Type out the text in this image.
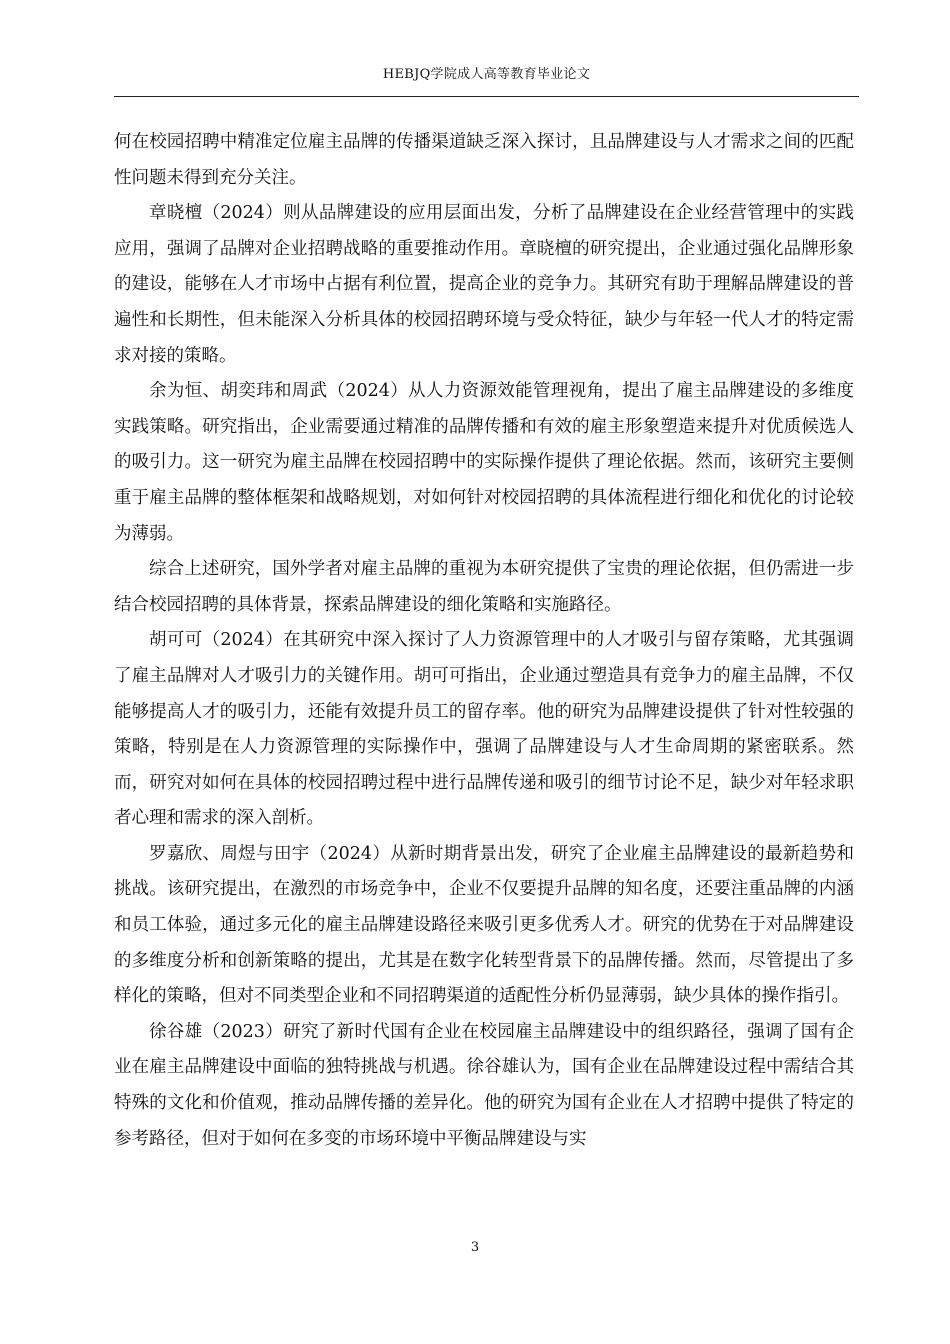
HEBJQ学院成人高等教育毕业论文

何在校园招聘中精准定位雇主品牌的传播渠道缺乏深入探讨，且品牌建设与人才需求之间的匹配性问题未得到充分关注。

章晓檀（2024）则从品牌建设的应用层面出发，分析了品牌建设在企业经营管理中的实践应用，强调了品牌对企业招聘战略的重要推动作用。章晓檀的研究提出，企业通过强化品牌形象的建设，能够在人才市场中占据有利位置，提高企业的竞争力。其研究有助于理解品牌建设的普遍性和长期性，但未能深入分析具体的校园招聘环境与受众特征，缺少与年轻一代人才的特定需求对接的策略。

余为恒、胡奕玮和周武（2024）从人力资源效能管理视角，提出了雇主品牌建设的多维度实践策略。研究指出，企业需要通过精准的品牌传播和有效的雇主形象塑造来提升对优质候选人的吸引力。这一研究为雇主品牌在校园招聘中的实际操作提供了理论依据。然而，该研究主要侧重于雇主品牌的整体框架和战略规划，对如何针对校园招聘的具体流程进行细化和优化的讨论较为薄弱。

综合上述研究，国外学者对雇主品牌的重视为本研究提供了宝贵的理论依据，但仍需进一步结合校园招聘的具体背景，探索品牌建设的细化策略和实施路径。

胡可可（2024）在其研究中深入探讨了人力资源管理中的人才吸引与留存策略，尤其强调了雇主品牌对人才吸引力的关键作用。胡可可指出，企业通过塑造具有竞争力的雇主品牌，不仅能够提高人才的吸引力，还能有效提升员工的留存率。他的研究为品牌建设提供了针对性较强的策略，特别是在人力资源管理的实际操作中，强调了品牌建设与人才生命周期的紧密联系。然而，研究对如何在具体的校园招聘过程中进行品牌传递和吸引的细节讨论不足，缺少对年轻求职者心理和需求的深入剖析。

罗嘉欣、周煜与田宇（2024）从新时期背景出发，研究了企业雇主品牌建设的最新趋势和挑战。该研究提出，在激烈的市场竞争中，企业不仅要提升品牌的知名度，还要注重品牌的内涵和员工体验，通过多元化的雇主品牌建设路径来吸引更多优秀人才。研究的优势在于对品牌建设的多维度分析和创新策略的提出，尤其是在数字化转型背景下的品牌传播。然而，尽管提出了多样化的策略，但对不同类型企业和不同招聘渠道的适配性分析仍显薄弱，缺少具体的操作指引。

徐谷雄（2023）研究了新时代国有企业在校园雇主品牌建设中的组织路径，强调了国有企业在雇主品牌建设中面临的独特挑战与机遇。徐谷雄认为，国有企业在品牌建设过程中需结合其特殊的文化和价值观，推动品牌传播的差异化。他的研究为国有企业在人才招聘中提供了特定的参考路径，但对于如何在多变的市场环境中平衡品牌建设与实

3
